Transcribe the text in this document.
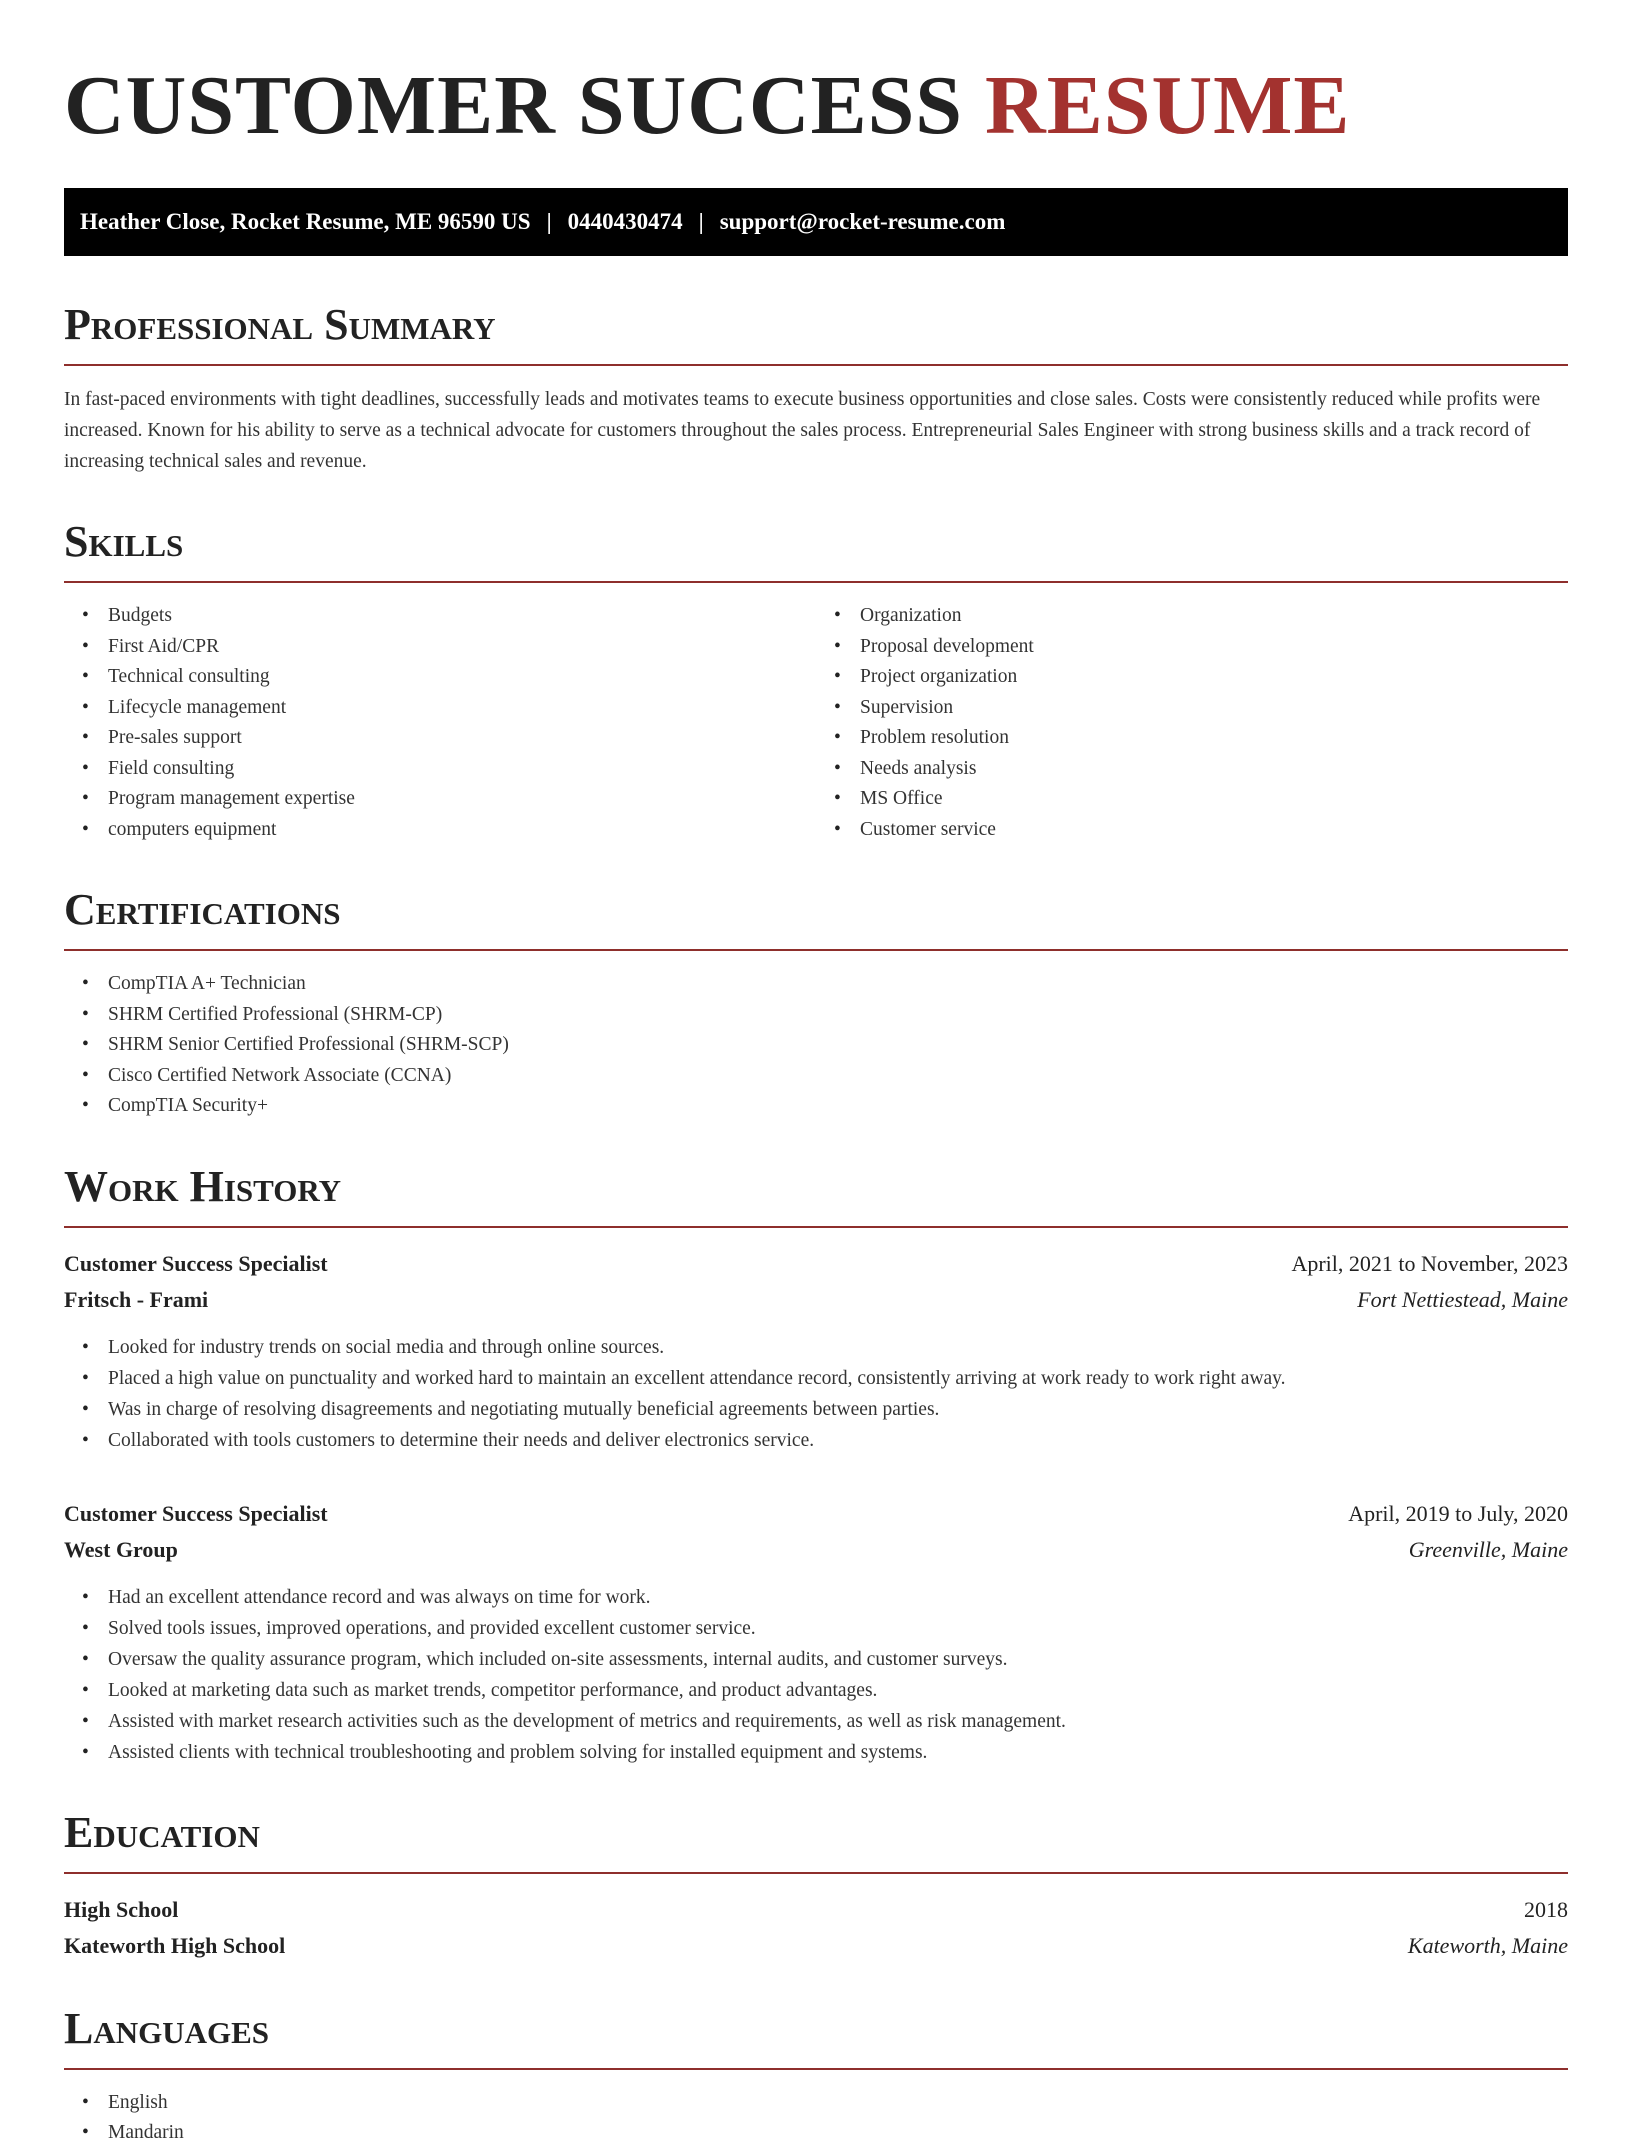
CUSTOMER SUCCESS RESUME
Heather Close, Rocket Resume, ME 96590 US | 0440430474 | support@rocket-resume.com
Professional Summary

In fast-paced environments with tight deadlines, successfully leads and motivates teams to execute business opportunities and close sales. Costs were consistently reduced while profits were increased. Known for his ability to serve as a technical advocate for customers throughout the sales process. Entrepreneurial Sales Engineer with strong business skills and a track record of increasing technical sales and revenue.

Skills
• Budgets
• First Aid/CPR
• Technical consulting
• Lifecycle management
• Pre-sales support
• Field consulting
• Program management expertise
• computers equipment
• Organization
• Proposal development
• Project organization
• Supervision
• Problem resolution
• Needs analysis
• MS Office
• Customer service
Certifications
• CompTIA A+ Technician
• SHRM Certified Professional (SHRM-CP)
• SHRM Senior Certified Professional (SHRM-SCP)
• Cisco Certified Network Associate (CCNA)
• CompTIA Security+
Work History
Customer Success Specialist	April, 2021 to November, 2023
Fritsch - Frami	Fort Nettiestead, Maine
• Looked for industry trends on social media and through online sources.
• Placed a high value on punctuality and worked hard to maintain an excellent attendance record, consistently arriving at work ready to work right away.
• Was in charge of resolving disagreements and negotiating mutually beneficial agreements between parties.
• Collaborated with tools customers to determine their needs and deliver electronics service.
Customer Success Specialist	April, 2019 to July, 2020
West Group	Greenville, Maine
• Had an excellent attendance record and was always on time for work.
• Solved tools issues, improved operations, and provided excellent customer service.
• Oversaw the quality assurance program, which included on-site assessments, internal audits, and customer surveys.
• Looked at marketing data such as market trends, competitor performance, and product advantages.
• Assisted with market research activities such as the development of metrics and requirements, as well as risk management.
• Assisted clients with technical troubleshooting and problem solving for installed equipment and systems.
Education
High School	2018
Kateworth High School	Kateworth, Maine
Languages
• English
• Mandarin
